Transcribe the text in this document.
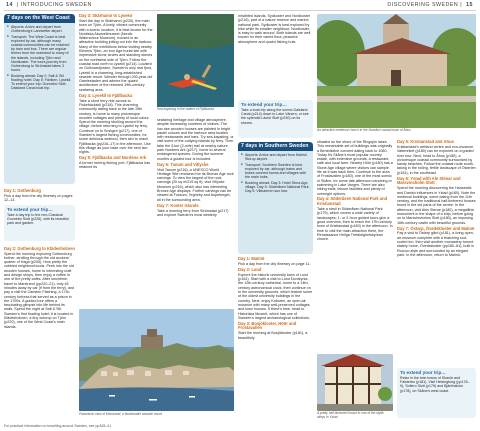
14 | INTRODUCING SWEDEN	DISCOVERING SWEDEN | 15
7 days on the West Coast
■ Airports: Arrive and depart from Gothenburg's Landvetter airport.
■ Transport: The West Coast is best explored by car, although many coastal communities can be reached by train and bus. There are regular ferries from the mainland to many of the islands, including Tjörn and Nordkoster. The tours journey from Gothenburg to Strömstad takes 3 hours.
■ Booking ahead: Day 2: Salt & Sill floating hotel. Day 5: Fäviken, Lysekil. To extend your trip: Gunnebo Slott, Dalsland Canal boat trip.
Day 1: Gothenburg

Pick a day from the city itinerary on pages 12–13.

To extend your trip…
Take a day trip to the neo-Classical Gunnebo Slott (p226), with its beautiful park and garden.
Day 2: Gothenburg to Klädesholmen

Spend the morning exploring Gothenburg further, strolling through the old workers' quarter of Haga (p205). How pretty the cobbled neighbourhoods. Peek into the old wooden houses, home to interesting craft and design shops, then enjoy a coffee in one of the pretty cafés. After lunchtime, travel to Marstrand (pp220–21), only 45 minutes away by car (if from the ferry), and pay a visit the Carlsten Fästning, a 17th-century fortress that served as a prison in the 1700s. A guided tour offers a fascinating glimpse into life behind its walls. Spend the night at Salt & Sill, Sweden's first floating hotel; it is located in Klädesholmen, a tiny outcrop on Tjörn (p220), one of the West Coast's main islands.

Day 3: Skärhamn to Lysekil

Start the day in Skärhamn (p220), the main town on Tjörn. A lively, vibrant community with a scenic location, it is best known for the Nordiska Akvarellmuseet (Nordic Watercolour Museum), housed in an attractive building jutting out into the harbour. Many of the exhibitions below visiting nearby Klövens Tjörn, an Iron Age burial site with impressive stone circles and standing stones on the northwest side of Tjörn. Follow the coastal road north to Lysekil (p214). Located on Gullmarsfjorden, Sweden's only real fjord, Lysekil is a charming, long-established seaside resort. Wander through 200-year-old Gamlestaden and admire the quaint architecture of the restored 19th-century seafaring area.

Day 4: Lysekil to Fjällbacka

Take a short ferry ride across to Fiskebäckskil (p218). This charming community dating back to the late 19th century, is home to many picturesque wooden cottages and plenty of local colour. Spend the morning strolling around the village, before returning to Lysekil by ferry. Continue on to Smögen (p217), one of Sweden's largest fishing communities, for some delicious seafood, then aim to reach Fjällbacka (pp216–17) in the afternoon. Use this village as your base over the next two nights.

Day 5: Fjällbacka and Nordens Ark

A former herring fishing port, Fjällbacka has retained its

Panoramic view of Marstrand, a fashionable seaside resort
Sea kayaking in the waters of Fjällbacka

seafaring heritage and village atmosphere, despite increasing numbers of visitors. The low-rise wooden houses are painted in bright pastel colours and the harbour area bustles with restaurants and bars. Try sea-kayaking, or visit some of the outlying islands by ferry. Then take the 3-km (2-mile) trail at nearby nature park Nordens Ark (p217), home to several endangered species. During the summer months a guided tour is included.

Day 6: Tanum and Vitlycke

Visit Tanum (p216), a UNESCO World Heritage Site renowned for its Bronze Age rock carvings. To view the largest of the rock carvings (20 sq m/215 sq ft), visit Vitlycke Museum (p216), which also has interesting Bronze Age displays. Further carvings can be viewed at Fossum, Tegneby and Aspeberget, all in the surrounding area.

Day 7: Koster Islands

Take a morning ferry from Strömstad (p217) and explore Sweden's most westerly

inhabited islands, Sydkoster and Nordkoster (p216), part of a nature reserve and marine national park. Sydkoster is best explored by bike while its smaller neighbour, Nordkoster, is easy to walk around. Both islands are well known for their varied flora, peaceful atmosphere and quaint fishing huts.

To extend your trip…
Take a boat trip along the scenic Dalsland Canal (p214) down to Lake Vänern, or see the splendid Läckö Slott (p230) on its shores.
7 days in Southern Sweden
■ Airports: Arrive and depart from Malmö Sturup airport.
■ Transport: Southern Sweden is best explored by car, although trains and buses connect towns and villages with the main hubs.
■ Booking ahead: Day 3: Hotel Stora Ago village. Day 5: Söderåsen National Park. Day 5: Vikhamren sun tour.
Day 1: Malmö

Pick a day from the city itinerary on page 11.

Day 2: Lund

Explore the historic university town of Lund (p181). Start with a visit to Lund Domkyrka, the 12th-century cathedral, home to a 14th-century astronomical clock, then continue on to the university grounds, which feature some of the oldest university buildings in the country. Next, enjoy Kulturen, an open-air museum with many well-preserved cottages and town houses. If there's time, head to Historiska Museet, which has one of Sweden's largest archaeological collections.

Day 3: Bosjökloster, Höör and Frostavallen

Start the morning at Bosjökloster (p181), a beautifully

An attractive medieval church in the Swedish coastal town of Åhus

situated on the shore of the Ringsjön lakes. This remarkable set of buildings was originally a Benedictine convent dating back to 1080. Today it's Skåne's most popular country estate, with extensive grounds, a restaurant, café and local farm. Nearby Höör (p180) has a Stone Age village where visitors can sample life as it was back then. Continue to the area of Frostavallen (p180), one of the most scenic in Skåne, for some late-afternoon canoeing or swimming in Lake Vargen. There are also hiking trails, leisure facilities and plenty of overnight options.

Day 4: Söderåsen National Park and Kristianstad

Take a stroll in Söderåsen National Park (p179), which covers a wide variety of landscapes; 1- or 2-hour guided tours give a good overview, then to reach the 17th-century town of Kristianstad (p180) in the afternoon. In time to visit the main attraction there, the Renaissance Heliga Trefaldighetskyrkan church.

A pretty half-timbered house in one of the idyllic alleys in Ystad
Day 5: Kristianstad and Åhus

Kristianstad's wetland centre and eco-museum Vattenriket (p180) can be explored on a guided river tour. Next, head to Åhus (p180), a picturesque coastal community surrounded by sandy beaches. Follow the coastal route south, taking in the rolling, fertile landscape of Österlen (p181), in the southeast.

Day 6: Ystad with Ale Stenar and Marsvinsholm Slott

Spend the morning discovering the Hanseatic and Danish influences in Ystad (p180). Note the medieval buildings, some dating from the 11th century, and the traditional half-timbered houses found in the old parts of the centre. In the afternoon, visit Ales Stenar (p180), a megalithic monument in the shape of a ship, before going on to Marsvinsholms Slott (p180), an imposing 16th-century castle with beautiful grounds.

Day 7: Östarp, Övedskloster and Malmö

Pay a visit to Östarp gård (p181), a living open-air museum complete with a thatching sod-roofed inn, then visit another monastery turned stately home, Övedskloster (pp180–81), built in Rococo style and surrounded by an elegant park. In the afternoon, return to Malmö.

To extend your trip…
Relax in the twin towns of Skanör and Falsterbo (p181). Visit Helsingborg (pp178–9), Sofiero Slott (p179) and Bjärehalvön (p178), on Skåne's west coast.
For practical information on travelling around Sweden, see pp328–41
